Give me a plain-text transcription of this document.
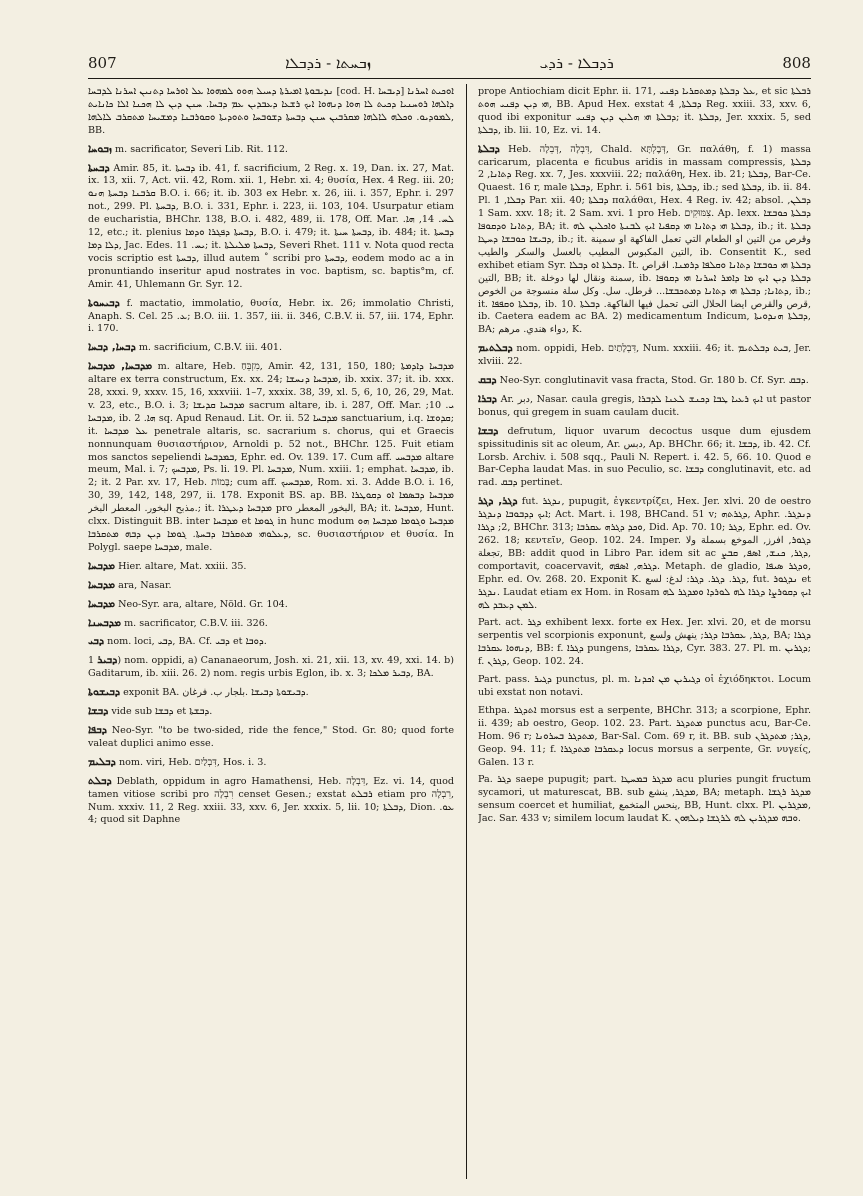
807	ܙܒܚܬܐ - ܪܕܒܠܐ	ܪܕܒܠܐ - ܪܕܝ	808

ܢܕܝܒܘܬܐ ܐܡܝܪܬܐ ܕܚܝܠ ܗܘܘ ܠܡܗܘܐ ܥܠ ܐܘܪܚܐ ܕܬܢܝܢ ܐܚܪܢܐ ܠܕܒܚܐ [cod. H. ܕܝܒܚܐ] ܐܘܟܝܬ ܐܚܪܢܐ ܕܐܠܗܐ ܪܘܚܢܝܐ ܕܟܝܬ ܠܐ ܗܘܐ ܕܢܗܘܐ ܐܝܟ ܪܫܥܐ ܕܥܒܕܝܢ ܥܡ ܕܒܚܐ. ܚܢܢ ܕܝܢ ܠܐ ܗܟܢܐ ܐܠܐ ܟܐܢܐܝܬ ܠܡܘܕܝܘ. ܘܟܠܗ ܠܐܠܗܐ ܡܩܪܒܝܢ ܚܢܢ ܕܒܚܬܐ ܕܫܘܒܚܐ ܘܬܘܕܝܬܐ ܘܩܘܪܒܢܐ ܕܡܫܝܚܐ ܡܬܩܪܒ ܠܐܠܗܐ, BB.

ܙܒܘܚܐ m. sacrificator, Severi Lib. Rit. 112.

ܕܒܚܬܐ Amir. 85, it. ܕܒܚܬܐ ib. 41, f. sacrificium, 2 Reg. x. 19, Dan. ix. 27, Mat. ix. 13, xii. 7, Act. vii. 42, Rom. xii. 1, Hebr. xi. 4; θυσία, Hex. 4 Reg. iii. 20; ܩܪܒܢܐ ܕܒܚܬܐ ܗܢܘ B.O. i. 66; it. ib. 303 ex Hebr. x. 26, iii. i. 357, Ephr. i. 297 not., 299. Pl. ܕܒܚܬܐ, B.O. i. 331, Ephr. i. 223, ii. 103, 104. Usurpatur etiam de eucharistia, BHChr. 138, B.O. i. 482, 489, ii. 178, Off. Mar. ܠܚ. 14, ܗܐ. 12, etc.; it. plenius ܕܒܚܬܐ ܕܦܓܪܐ ܘܕܡܐ, B.O. i. 479; it. ܕܒܚܬܐ ܚܝܬܐ, ib. 484; it. ܕܒܚܬܐ ܕܠܐ ܕܡܐ, Jac. Edes. ܝܚ. 11; it. ܕܒܚܬܐ ܡܠܝܠܬܐ, Severi Rhet. 111 v. Nota quod recta vocis scriptio est ܕܒܚܬܐ, illud autem ˚ scribi pro ܕܒܚܬܐ, eodem modo ac a in pronuntiando inseritur apud nostrates in voc. baptism, sc. baptis°m, cf. Amir. 41, Uhlemann Gr. Syr. 12.

ܕܒܝܚܘܬܐ f. mactatio, immolatio, θυσία, Hebr. ix. 26; immolatio Christi, Anaph. S. Cel. ܥ. 25; B.O. iii. 1. 357, iii. ii. 346, C.B.V. ii. 57, iii. 174, Ephr. i. 170.

ܕܒܚܐ, ܕܒܚܐ m. sacrificium, C.B.V. iii. 401.

ܡܕܒܚܐ, ܡܕܒܚܐ m. altare, Heb. מִזְבֵּחַ, Amir. 42, 131, 150, 180; ܡܕܒܚܐ ܕܐܕܡܬܐ altare ex terra constructum, Ex. xx. 24; ܡܕܒܚܐ ܕܢܚܫܐ, ib. xxix. 37; it. ib. xxx. 28, xxxi. 9, xxxv. 15, 16, xxxviii. 1–7, xxxix. 38, 39, xl. 5, 6, 10, 26, 29, Mat. v. 23, etc., B.O. i. 3; ܡܕܒܚܐ ܩܕܝܫܐ sacrum altare, ib. i. 287, Off. Mar. ܝ. 10; ܡܕܒܚܐ, ib. ܗܐ. 2 sq. Apud Renaud. Lit. Or. ii. 52 ܡܕܒܚܐ sanctuarium, i.q. ܩܕܘܫܐ; it. ܥܠ ܡܕܒܚܐ penetrale altaris, sc. sacrarium s. chorus, qui et Graecis nonnunquam θυσιαστήριον, Arnoldi p. 52 not., BHChr. 125. Fuit etiam mos sanctos sepeliendi ܒܡܕܒܚܐ, Ephr. ed. Ov. 139. 17. Cum aff. ܡܕܒܚܝ altare meum, Mal. i. 7; ܡܕܒܚܟ, Ps. li. 19. Pl. ܡܕܒܚܐ, Num. xxiii. 1; emphat. ܡܕܒܚܐ, ib. 2; it. 2 Par. xv. 17, Heb. בָּמוֹת; cum aff. ܡܕܒܚܝܟ, Rom. xi. 3. Adde B.O. i. 16, 30, 39, 142, 148, 297, ii. 178. Exponit BS. ap. BB. ܡܕܒܚܐ ܕܒܣܡܐ ܐܘ ܕܩܘܛܪܐ .مذبح البخور. المعطر البخر; it. ܡܕܒܚܐ ܕܥܛܪܐ pro البخور المعطر, BA; it. ܡܕܒܚܐ, Hunt. clxx. Distinguit BB. inter ܡܕܒܚܐ et ܓܘܡܐ in hunc modum ܡܕܒܚܐ ܘܓܘܡܐ ܡܕܒܚܐ ܗܘ ܕܥܠܘܗܝ ܡܬܩܪܒܐ ܕܒܚܬܐ. ܓܘܡܐ ܕܝܢ ܕܒܗ ܡܬܩܪܒܐ, sc. θυσιαστήριον et θυσία. In Polygl. saepe ܡܕܒܚܐ, male.

ܡܕܒܚܐ Hier. altare, Mat. xxiii. 35.

ܡܕܒܚܐ ara, Nasar.

ܡܕܒܚܐ Neo-Syr. ara, altare, Nöld. Gr. 104.

ܡܕܒܚܢܐ m. sacrificator, C.B.V. iii. 326.

ܕܒܝ nom. loci, ܕܒܝ, BA. Cf. ܕܒܝ et ܕܘܒܐ.

ܕܒܝܪ 1) nom. oppidi, a) Cananaeorum, Josh. xi. 21, xii. 13, xv. 49, xxi. 14. b) Gaditarum, ib. xiii. 26. 2) nom. regis urbis Eglon, ib. x. 3; ܕܒܝܪ ܡܠܟܐ, BA.

ܕܒܝܫܘܬܐ exponit BA. ܕܒܝܫܘܬܐ ܕܒܝܫܐ .بلجار ب. فرغان.

ܕܒܫܐ vide sub ܕܒܫܐ et ܕܒܫܬܐ.

ܕܒܦܐ Neo-Syr. "to be two-sided, ride the fence," Stod. Gr. 80; quod forte valeat duplici animo esse.

ܕܒܠܝܡ nom. viri, Heb. דִּבְלַיִם, Hos. i. 3.

ܕܒܠܬ Deblath, oppidum in agro Hamathensi, Heb. דִּבְלָה, Ez. vi. 14, quod tamen vitiose scribi pro רִבְלָה censet Gesen.; exstat ܪܒܠܬ etiam pro רִבְלָה, Num. xxxiv. 11, 2 Reg. xxiii. 33, xxv. 6, Jer. xxxix. 5, lii. 10; ܕܒܠܬܐ, Dion. ܥܘ. 4; quod sit Daphne

prope Antiochiam dicit Ephr. ii. 171, ܥܠ ܕܒܠܬܐ ܕܡܬܩܪܝܐ ܕܦܢܝ, et sic ܪܒܠܬܐ ܗܝ ܕܝܢ ܕܦܢܝ ܗܘܬ, BB. Apud Hex. exstat ܕܒܠܬܐ, 4 Reg. xxiii. 33, xxv. 6, quod ibi exponitur ܕܒܠܬܐ ܗܝ ܗܠܝܢ ܕܝܢ ܕܦܢܝ; it. ܕܒܠܬܐ, Jer. xxxix. 5, sed ܕܒܠܬܐ, ib. lii. 10, Ez. vi. 14.

ܕܒܠܬܐ Heb. דִּבְלָה ,דְּבֵלָה, Chald. דְּבֶלְתָּא, Gr. παλάθη, f. 1) massa caricarum, placenta e ficubus aridis in massam compressis, ܕܒܠܬܐ ܕܬܐܢܐ, 2 Reg. xx. 7, Jes. xxxviii. 22; παλάθη, Hex. ib. 21; ܕܒܠܬܐ, Bar-Ce. Quaest. 16 r, male ܕܒܠܬܐ, Ephr. i. 561 bis, ܕܒܠܬܐ, ib.; sed ܕܒܠܬܐ, ib. ii. 84. Pl. ܕܒܠܐ, 1 Par. xii. 40; ܕܒܠܬܐ παλάθαι, Hex. 4 Reg. iv. 42; absol. ܕܒܠܢ, 1 Sam. xxv. 18; it. 2 Sam. xvi. 1 pro Heb. צִמּוּקִים. Ap. lexx. ܕܒܠܬܐ ܟܘܒܫܐ ܕܬܐܢܐ ܘܕܩܘܦܐ, BA; it. ܕܒܠܬܐ ܗܝ ܕܬܐܢܐ ܗܝ ܕܩܦܝܐ ܐܝܟ ܠܒܢܬܐ ܘܐܟܠܝܢ ܠܗ, ib.; it. ܕܒܠܬܐ ܕܒܝܫܐ ܟܘܒܫܐ ܕܚܛܐ, ib.; it. وقرص من التين او الطعام التي تعمل الفاكهة او سمينة التين المكبوس المطيب بالعسل والسكر والطيب, ib. Consentit K., sed exhibet etiam Syr. ܕܒܠܬܐ ܐܘ ܕܒܠܐ. It. ܕܒܠܬܐ ܗܝ ܟܘܒܫܐ ܕܬܐܢܐ ܘܩܠܦܐ ܕܪܡܢܐ. اقراص التين, BB; it. سمنة ونقال لها دوخلة, ib. ܕܒܠܬܐ ܕܝܢ ܐܝܟ ܡܐ ܕܐܡܪ ܐܚܪܢܐ ܗܝ ܕܩܘܦܐ ܕܬܐܢܐ; ܕܒܠܬܐ ܗܝ ܕܬܐܢܐ ܕܡܬܟܒܫܐ... قرطل. سل. وكل سلة منسوجة من الخوص, ib.; it. ܕܒܠܬܐ ܘܩܦܦܐ, ib. 10. قرص والقرص ايضا الحلال التى تحمل فيها الفاكهة. ܕܒܠܬܐ, ib. Caetera eadem ac BA. 2) medicamentum Indicum, ܕܒܠܬܐ ܗܢܕܘܝܬܐ, BA; دواء هندي. مرهم, K.

ܕܒܠܬܝܡ nom. oppidi, Heb. דִּבְלָתַיִם, Num. xxxiii. 46; it. ܒܝܬ ܕܒܠܬܝܡ, Jer. xlviii. 22.

ܕܒܩ Neo-Syr. conglutinavit vasa fracta, Stod. Gr. 180 b. Cf. Syr. ܕܒܩ.

ܕܒܪܐ Ar. دبر, Nasar. caula gregis, ܐܝܟ ܪܥܝܐ ܛܒܐ ܕܟܢܫ ܠܥܢܐ ܠܕܒܪܐ ut pastor bonus, qui gregem in suam caulam ducit.

ܕܒܫܐ defrutum, liquor uvarum decoctus usque dum ejusdem spissitudinis sit ac oleum, Ar. دبس, Ap. BHChr. 66; it. ܕܒܫܐ, ib. 42. Cf. Lorsb. Archiv. i. 508 sqq., Pauli N. Repert. i. 42. 5, 66. 10. Quod e Bar-Cepha laudat Mas. in suo Peculio, sc. ܕܒܫܐ conglutinavit, etc. ad rad. ܕܒܩ pertinet.

ܕܓܪ, ܕܓܪ fut. ܢܕܓܪ, pupugit, ἐγκεντρίζει, Hex. Jer. xlvi. 20 de oestro ܐܝܟ ܕܕܒܘܒܐ ܕܢܕܓܪ; Act. Mart. i. 198, BHCand. 51 v; ܕܓܪܬܗ, Aphr. ܕܢܕܓܪ. 2; ܕܓܪܐ, BHChr. 313; ܘܟܕ ܕܓܪܗ ܥܩܪܒܐ, Did. Ap. 70. 10; ܕܓܪ, Ephr. ed. Ov. 262. 18; κεντεῖν, Geop. 102. 24. Imper. ܕܓܘܪ, افرز, الموخع بسملة ولا تجعلة, BB: addit quod in Libro Par. idem sit ac ܕܓܪ, ܟܢܫ, ܐܣܦ, ܩܒܨ, comportavit, coacervavit, ܕܓܪܗ, ܐܣܦܗ. Metaph. de gladio, ܘܕܓܪ ܣܝܦܐ, Ephr. ed. Ov. 268. 20. Exponit K. ܕܓܪ. ܕܓܪ. ܕܓܪ: لدغ: لسع, fut. ܢܕܓܘܪ et ܢܕܓܪ. Laudat etiam ex Hom. in Rosam ܐܝܟ ܕܩܘܪܨܐ ܕܓܪܐ ܠܗ ܠܘܪܕܐ ܘܡܕܓܪ ܠܗ ܠܡܢ ܕܥܒܕ ܠܗ.

Part. act. ܕܓܪ exhibent lexx. forte ex Hex. Jer. xlvi. 20, et de morsu serpentis vel scorpionis exponunt, ܕܓܪ, ܥܩܪܒܐ ܕܓܪ; ينهش ولسع, BA; ܕܓܪܐ ܕܢܗܘܐ ܥܩܪܒܐ, BB: f. ܕܓܪܐ pungens, ܕܓܪܐ ܥܩܪܒܐ, Cyr. 383. 27. Pl. m. ܕܓܪܝܢ; f. ܕܓܪܢ, Geop. 102. 24.

Part. pass. ܕܓܝܪ punctus, pl. m. ܕܓܝܪܝܢ ܡܢ ܐܟܕܢܐ οἱ ἐχιόδηκτοι. Locum ubi exstat non notavi.

Ethpa. ܐܬܕܓܪ morsus est a serpente, BHChr. 313; a scorpione, Ephr. ii. 439; ab oestro, Geop. 102. 23. Part. ܡܬܕܓܪ punctus acu, Bar-Ce. Hom. 96 r; ܡܬܕܓܪ ܒܚܪܘܢܐ, Bar-Sal. Com. 69 r, it. BB. sub ܕܓܪ; ܡܬܕܓܪܢ, Geop. 94. 11; f. ܕܥܩܪܒܐ ܡܬܕܓܪܐ locus morsus a serpente, Gr. νυγείς, Galen. 13 r.

Pa. ܕܓܪ saepe pupugit; part. ܡܕܓܪ ܒܡܚܛܐ acu pluries pungit fructum sycamori, ut maturescat, BB. sub ܡܕܓܪ, ينشع, BA; metaph. ܡܕܓܪ ܪܓܫܐ sensum coercet et humiliat, ينحس المتخمع, BB, Hunt. clxx. Pl. ܡܕܓܪܝܢ, Jac. Sar. 433 v; similem locum laudat K. ܘܒܗ ܡܕܓܪܝܢ ܠܗ ܠܪܓܫܐ ܕܝܠܗܘܢ.
